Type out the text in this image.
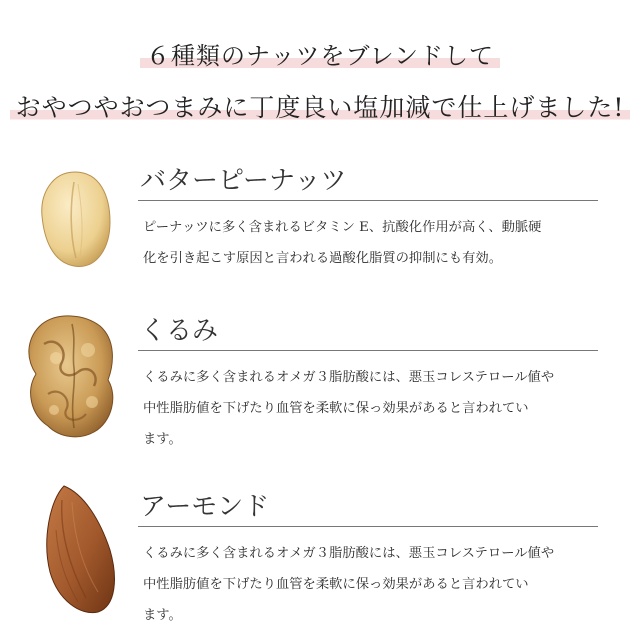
６種類のナッツをブレンドして
おやつやおつまみに丁度良い塩加減で仕上げました!
バターピーナッツ
ピーナッツに多く含まれるビタミン E、抗酸化作用が高く、動脈硬
化を引き起こす原因と言われる過酸化脂質の抑制にも有効。
くるみ
くるみに多く含まれるオメガ３脂肪酸には、悪玉コレステロール値や
中性脂肪値を下げたり血管を柔軟に保っ効果があると言われてい
ます。
アーモンド
くるみに多く含まれるオメガ３脂肪酸には、悪玉コレステロール値や
中性脂肪値を下げたり血管を柔軟に保っ効果があると言われてい
ます。
